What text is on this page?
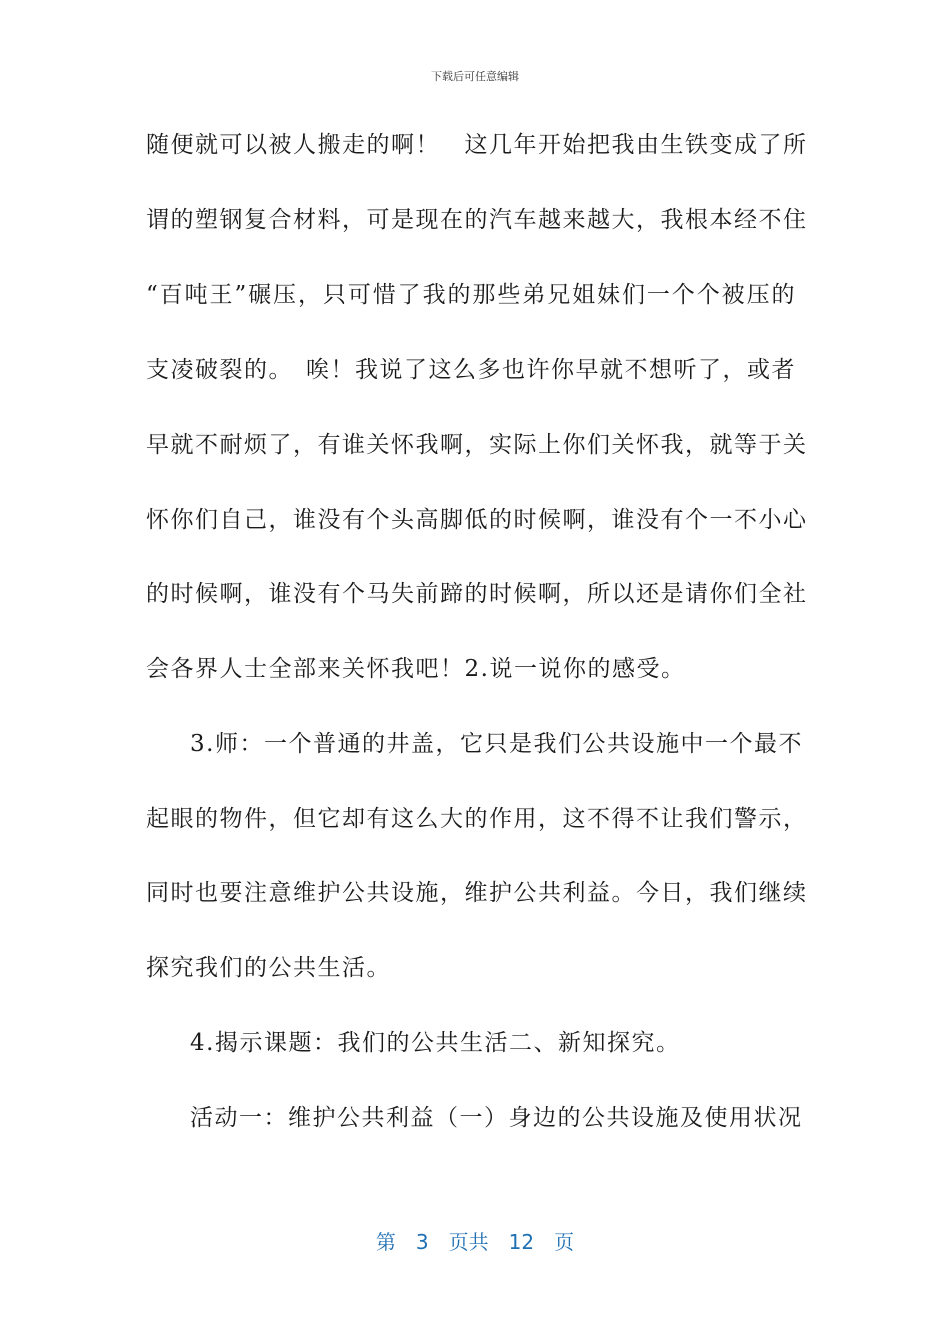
下载后可任意编辑
随便就可以被人搬走的啊！　这几年开始把我由生铁变成了所
谓的塑钢复合材料，可是现在的汽车越来越大，我根本经不住
“百吨王”碾压，只可惜了我的那些弟兄姐妹们一个个被压的
支凌破裂的。　唉！我说了这么多也许你早就不想听了，或者
早就不耐烦了，有谁关怀我啊，实际上你们关怀我，就等于关
怀你们自己，谁没有个头高脚低的时候啊，谁没有个一不小心
的时候啊，谁没有个马失前蹄的时候啊，所以还是请你们全社
会各界人士全部来关怀我吧！2.说一说你的感受。
3.师：一个普通的井盖，它只是我们公共设施中一个最不
起眼的物件，但它却有这么大的作用，这不得不让我们警示，
同时也要注意维护公共设施，维护公共利益。今日，我们继续
探究我们的公共生活。
4.揭示课题：我们的公共生活二、新知探究。
活动一：维护公共利益（一）身边的公共设施及使用状况
第　3　页共　12　页
